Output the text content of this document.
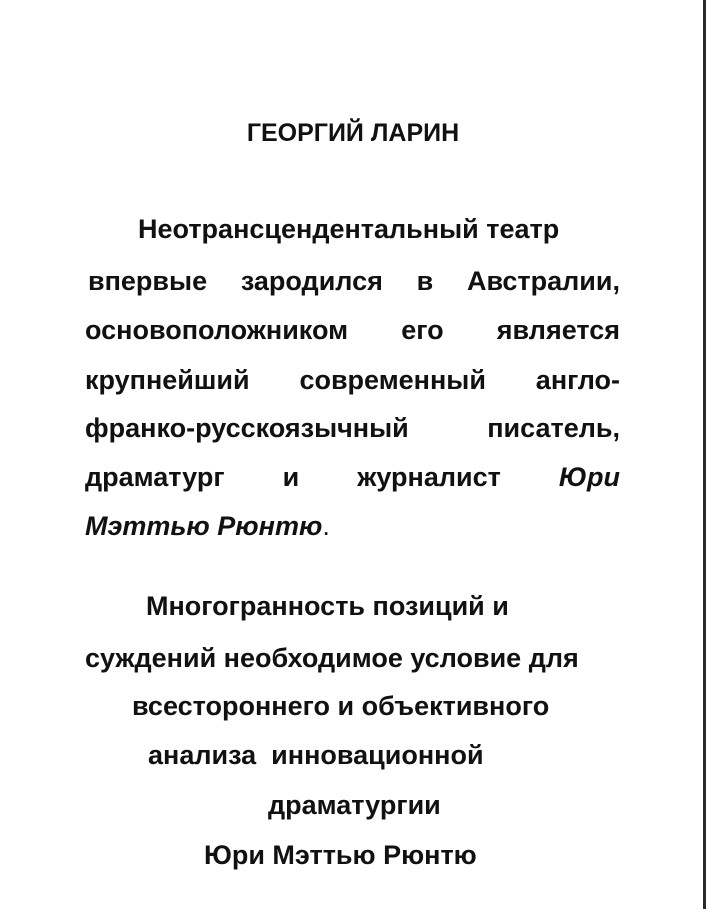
ГЕОРГИЙ ЛАРИН
Неотрансцендентальный театр
впервые зародился в Австралии,
основоположником его является
крупнейший современный англо-
франко-русскоязычный	писатель,
драматург и журналист Юри
Мэттью Рюнтю.
Многогранность позиций и
суждений необходимое условие для
всестороннего и объективного
анализа  инновационной
драматургии
Юри Мэттью Рюнтю
